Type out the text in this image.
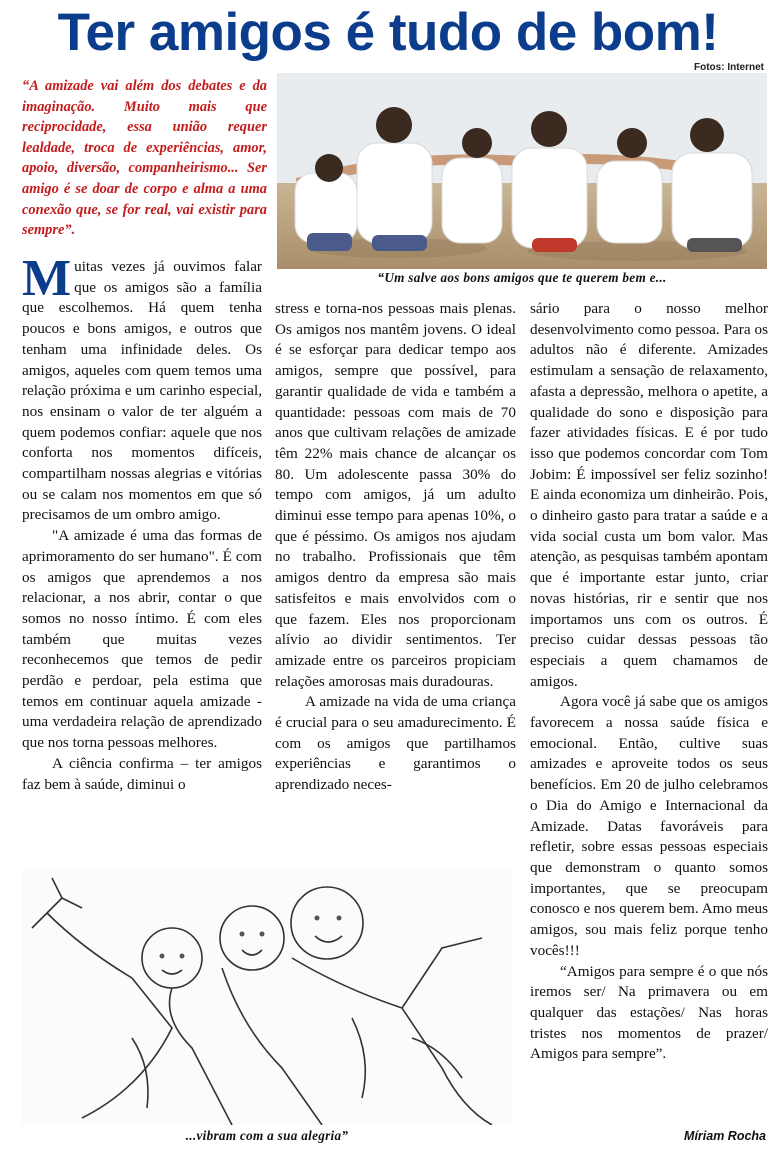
Ter amigos é tudo de bom!
Fotos: Internet
“A amizade vai além dos debates e da imaginação. Muito mais que reciprocidade, essa união requer lealdade, troca de experiências, amor, apoio, diversão, companheirismo... Ser amigo é se doar de corpo e alma a uma conexão que, se for real, vai existir para sempre”.
“Um salve aos bons amigos que te querem bem e...

Muitas vezes já ouvimos falar que os amigos são a família que escolhemos. Há quem tenha poucos e bons amigos, e outros que tenham uma infinidade deles. Os amigos, aqueles com quem temos uma relação próxima e um carinho especial, nos ensinam o valor de ter alguém a quem podemos confiar: aquele que nos conforta nos momentos difíceis, compartilham nossas alegrias e vitórias ou se calam nos momentos em que só precisamos de um ombro amigo.

"A amizade é uma das formas de aprimoramento do ser humano". É com os amigos que aprendemos a nos relacionar, a nos abrir, contar o que somos no nosso íntimo. É com eles também que muitas vezes reconhecemos que temos de pedir perdão e perdoar, pela estima que temos em continuar aquela amizade - uma verdadeira relação de aprendizado que nos torna pessoas melhores.

A ciência confirma – ter amigos faz bem à saúde, diminui o

stress e torna-nos pessoas mais plenas. Os amigos nos mantêm jovens. O ideal é se esforçar para dedicar tempo aos amigos, sempre que possível, para garantir qualidade de vida e também a quantidade: pessoas com mais de 70 anos que cultivam relações de amizade têm 22% mais chance de alcançar os 80. Um adolescente passa 30% do tempo com amigos, já um adulto diminui esse tempo para apenas 10%, o que é péssimo. Os amigos nos ajudam no trabalho. Profissionais que têm amigos dentro da empresa são mais satisfeitos e mais envolvidos com o que fazem. Eles nos proporcionam alívio ao dividir sentimentos. Ter amizade entre os parceiros propiciam relações amorosas mais duradouras.

A amizade na vida de uma criança é crucial para o seu amadurecimento. É com os amigos que partilhamos experiências e garantimos o aprendizado neces-

sário para o nosso melhor desenvolvimento como pessoa. Para os adultos não é diferente. Amizades estimulam a sensação de relaxamento, afasta a depressão, melhora o apetite, a qualidade do sono e disposição para fazer atividades físicas. E é por tudo isso que podemos concordar com Tom Jobim: É impossível ser feliz sozinho! E ainda economiza um dinheirão. Pois, o dinheiro gasto para tratar a saúde e a vida social custa um bom valor. Mas atenção, as pesquisas também apontam que é importante estar junto, criar novas histórias, rir e sentir que nos importamos uns com os outros. É preciso cuidar dessas pessoas tão especiais a quem chamamos de amigos.

Agora você já sabe que os amigos favorecem a nossa saúde física e emocional. Então, cultive suas amizades e aproveite todos os seus benefícios. Em 20 de julho celebramos o Dia do Amigo e Internacional da Amizade. Datas favoráveis para refletir, sobre essas pessoas especiais que demonstram o quanto somos importantes, que se preocupam conosco e nos querem bem. Amo meus amigos, sou mais feliz porque tenho vocês!!!

“Amigos para sempre é o que nós iremos ser/ Na primavera ou em qualquer das estações/ Nas horas tristes nos momentos de prazer/ Amigos para sempre”.

...vibram com a sua alegria”	Míriam Rocha
